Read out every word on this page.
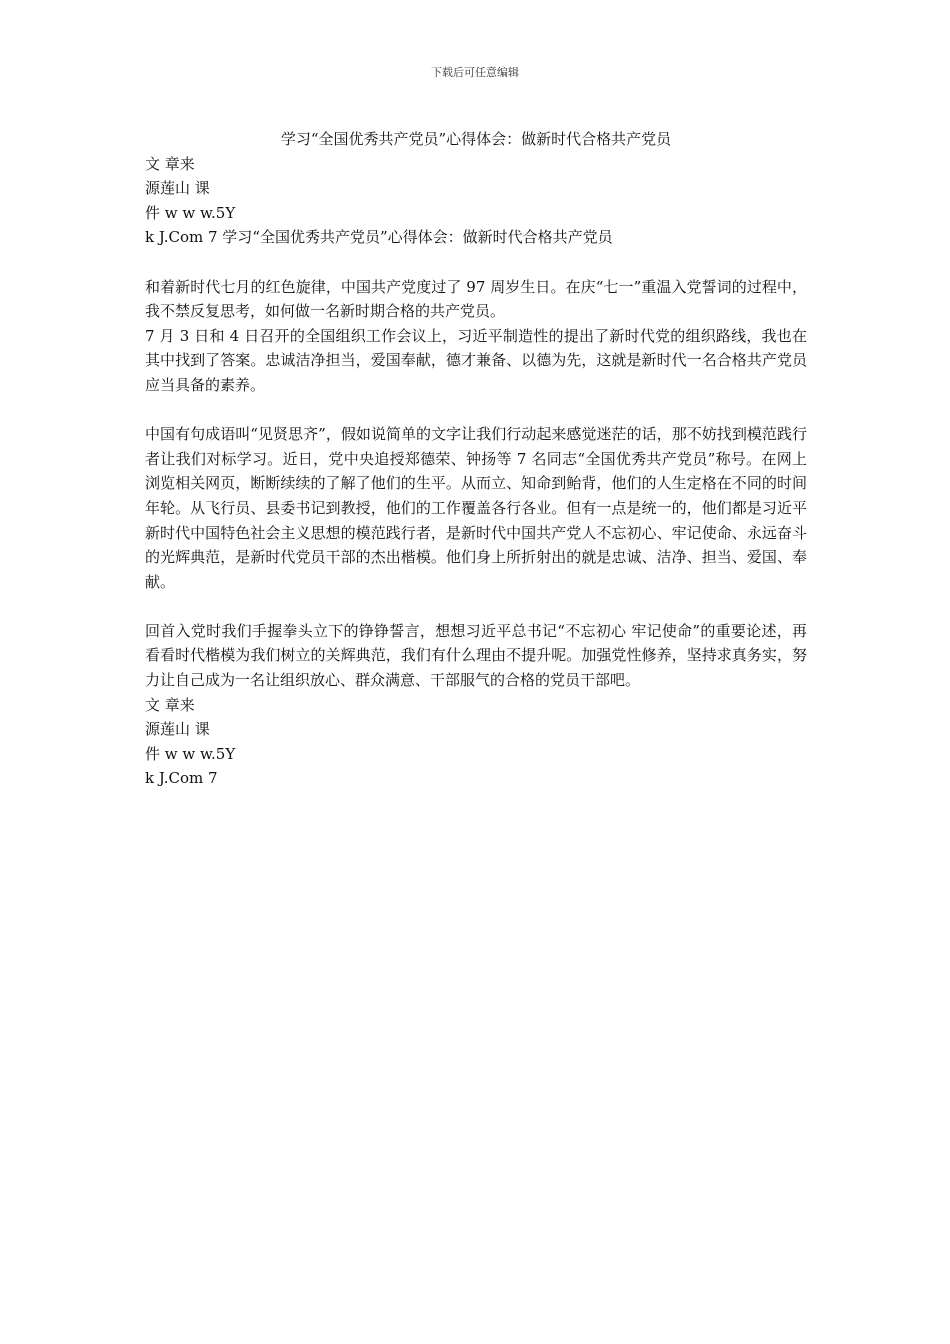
下载后可任意编辑
学习“全国优秀共产党员”心得体会：做新时代合格共产党员

文 章来

源莲山 课

件 w w w.5Y

k J.Com 7 学习“全国优秀共产党员”心得体会：做新时代合格共产党员

和着新时代七月的红色旋律，中国共产党度过了 97 周岁生日。在庆“七一”重温入党誓词的过程中，我不禁反复思考，如何做一名新时期合格的共产党员。

7 月 3 日和 4 日召开的全国组织工作会议上，习近平制造性的提出了新时代党的组织路线，我也在其中找到了答案。忠诚洁净担当，爱国奉献，德才兼备、以德为先，这就是新时代一名合格共产党员应当具备的素养。

中国有句成语叫“见贤思齐”，假如说简单的文字让我们行动起来感觉迷茫的话，那不妨找到模范践行者让我们对标学习。近日，党中央追授郑德荣、钟扬等 7 名同志“全国优秀共产党员”称号。在网上浏览相关网页，断断续续的了解了他们的生平。从而立、知命到鲐背，他们的人生定格在不同的时间年轮。从飞行员、县委书记到教授，他们的工作覆盖各行各业。但有一点是统一的，他们都是习近平新时代中国特色社会主义思想的模范践行者，是新时代中国共产党人不忘初心、牢记使命、永远奋斗的光辉典范，是新时代党员干部的杰出楷模。他们身上所折射出的就是忠诚、洁净、担当、爱国、奉献。

回首入党时我们手握拳头立下的铮铮誓言，想想习近平总书记“不忘初心 牢记使命”的重要论述，再看看时代楷模为我们树立的关辉典范，我们有什么理由不提升呢。加强党性修养，坚持求真务实，努力让自己成为一名让组织放心、群众满意、干部服气的合格的党员干部吧。

文 章来

源莲山 课

件 w w w.5Y

k J.Com 7
